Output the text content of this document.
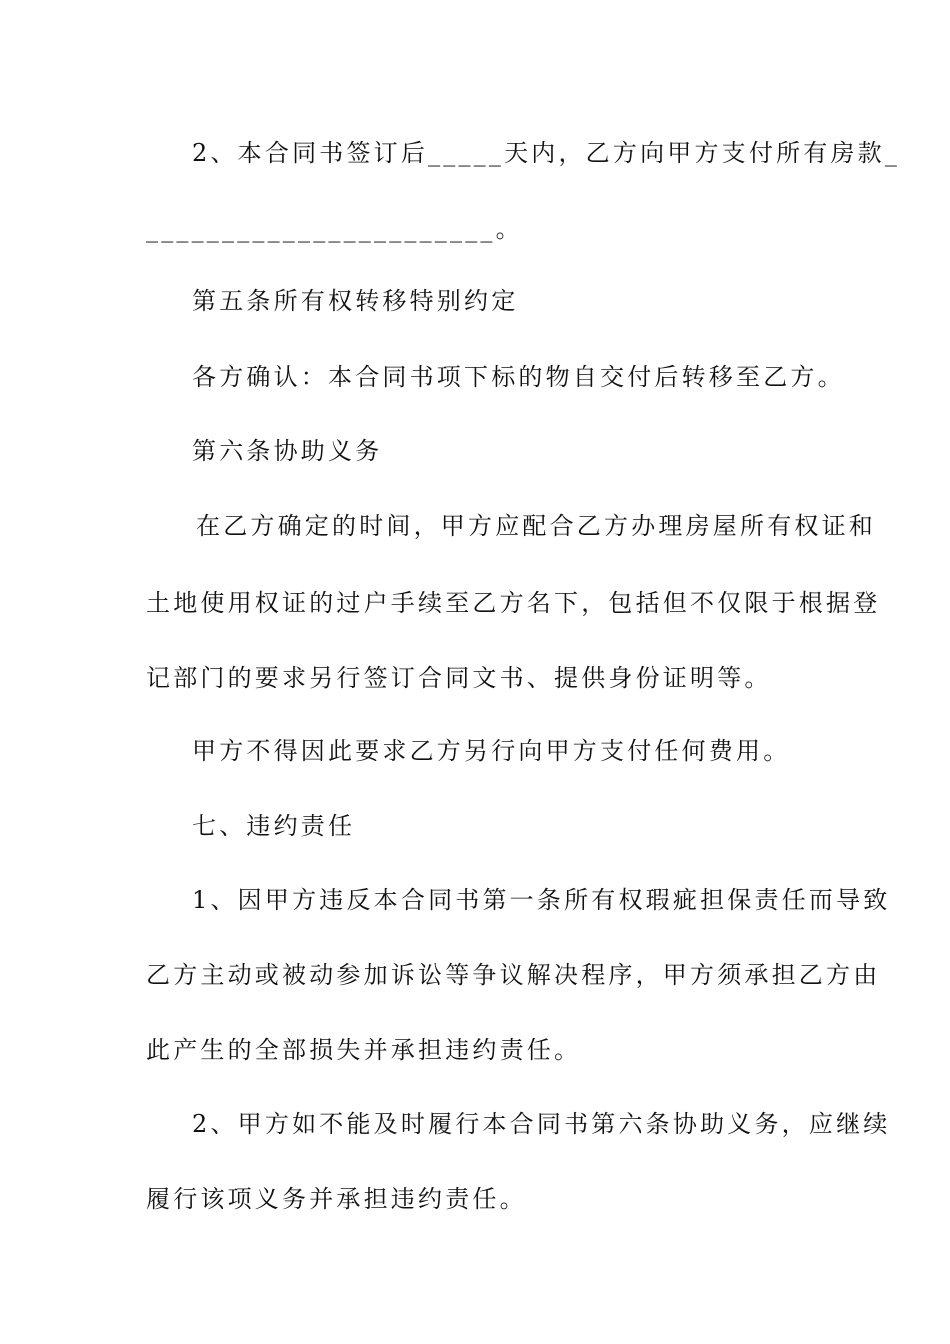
2、本合同书签订后_____天内，乙方向甲方支付所有房款_
_______________________。
第五条所有权转移特别约定
各方确认：本合同书项下标的物自交付后转移至乙方。
第六条协助义务
在乙方确定的时间，甲方应配合乙方办理房屋所有权证和
土地使用权证的过户手续至乙方名下，包括但不仅限于根据登
记部门的要求另行签订合同文书、提供身份证明等。
甲方不得因此要求乙方另行向甲方支付任何费用。
七、违约责任
1、因甲方违反本合同书第一条所有权瑕疵担保责任而导致
乙方主动或被动参加诉讼等争议解决程序，甲方须承担乙方由
此产生的全部损失并承担违约责任。
2、甲方如不能及时履行本合同书第六条协助义务，应继续
履行该项义务并承担违约责任。
